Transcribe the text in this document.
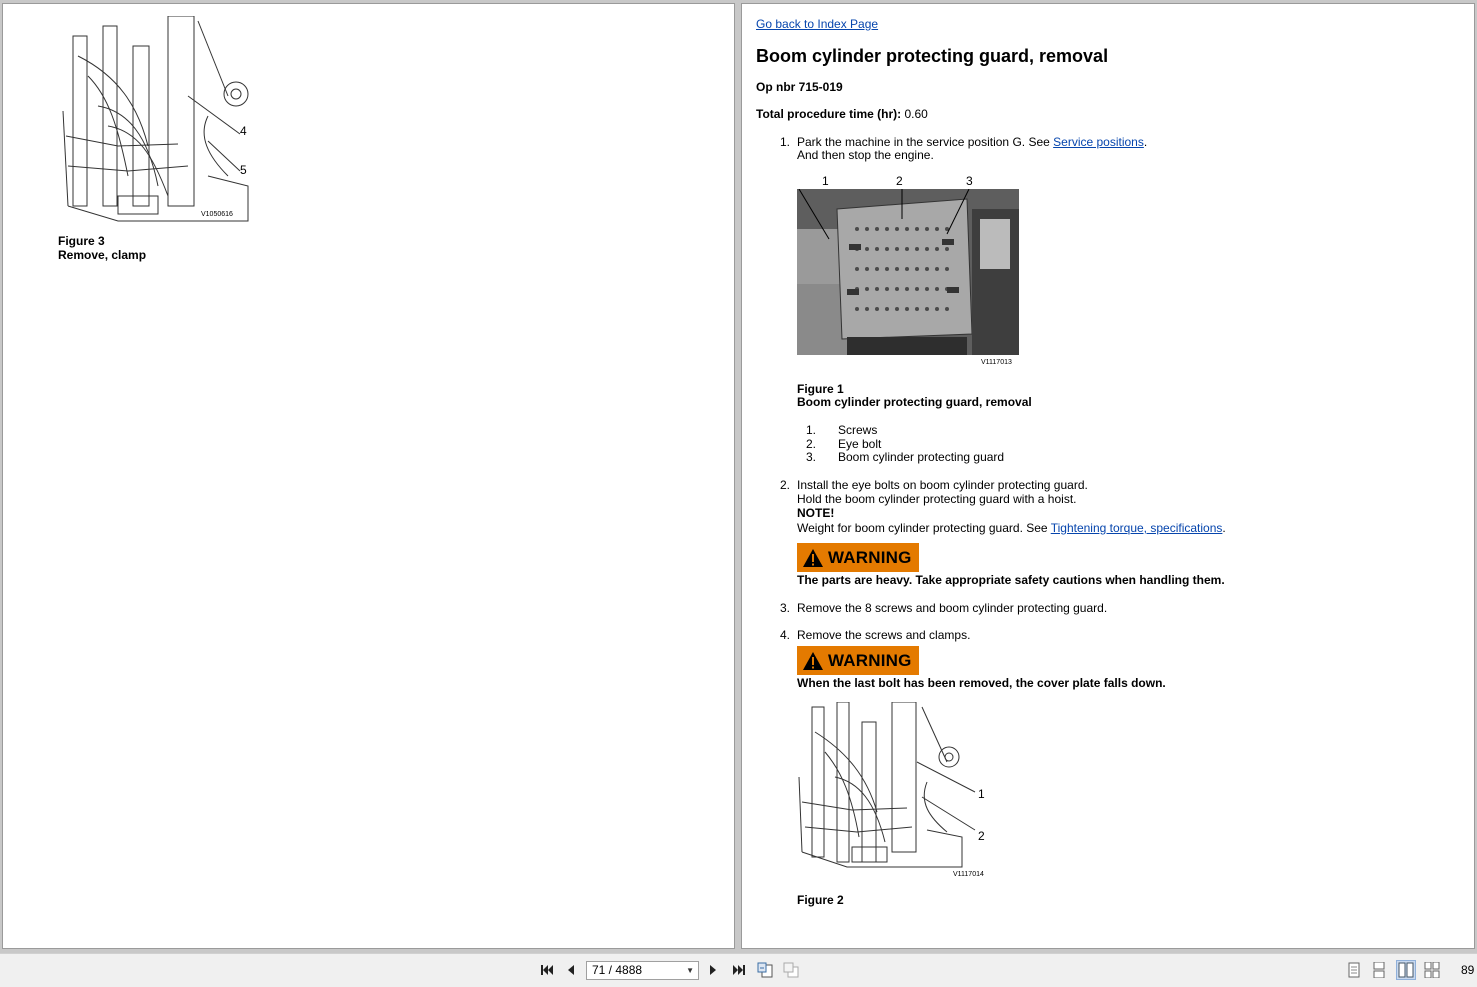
4
5
V1050616
Figure 3
Remove, clamp
Go back to Index Page
Boom cylinder protecting guard, removal
Op nbr 715-019
Total procedure time (hr): 0.60
1. Park the machine in the service position G. See Service positions.
And then stop the engine.
1	2	3
V1117013
Figure 1
Boom cylinder protecting guard, removal
1. Screws
2. Eye bolt
3. Boom cylinder protecting guard
2. Install the eye bolts on boom cylinder protecting guard.
Hold the boom cylinder protecting guard with a hoist.
NOTE!
Weight for boom cylinder protecting guard. See Tightening torque, specifications.
WARNING
The parts are heavy. Take appropriate safety cautions when handling them.
3. Remove the 8 screws and boom cylinder protecting guard.
4. Remove the screws and clamps.
WARNING
When the last bolt has been removed, the cover plate falls down.
1
2
V1117014
Figure 2
71 / 4888	▼	89
